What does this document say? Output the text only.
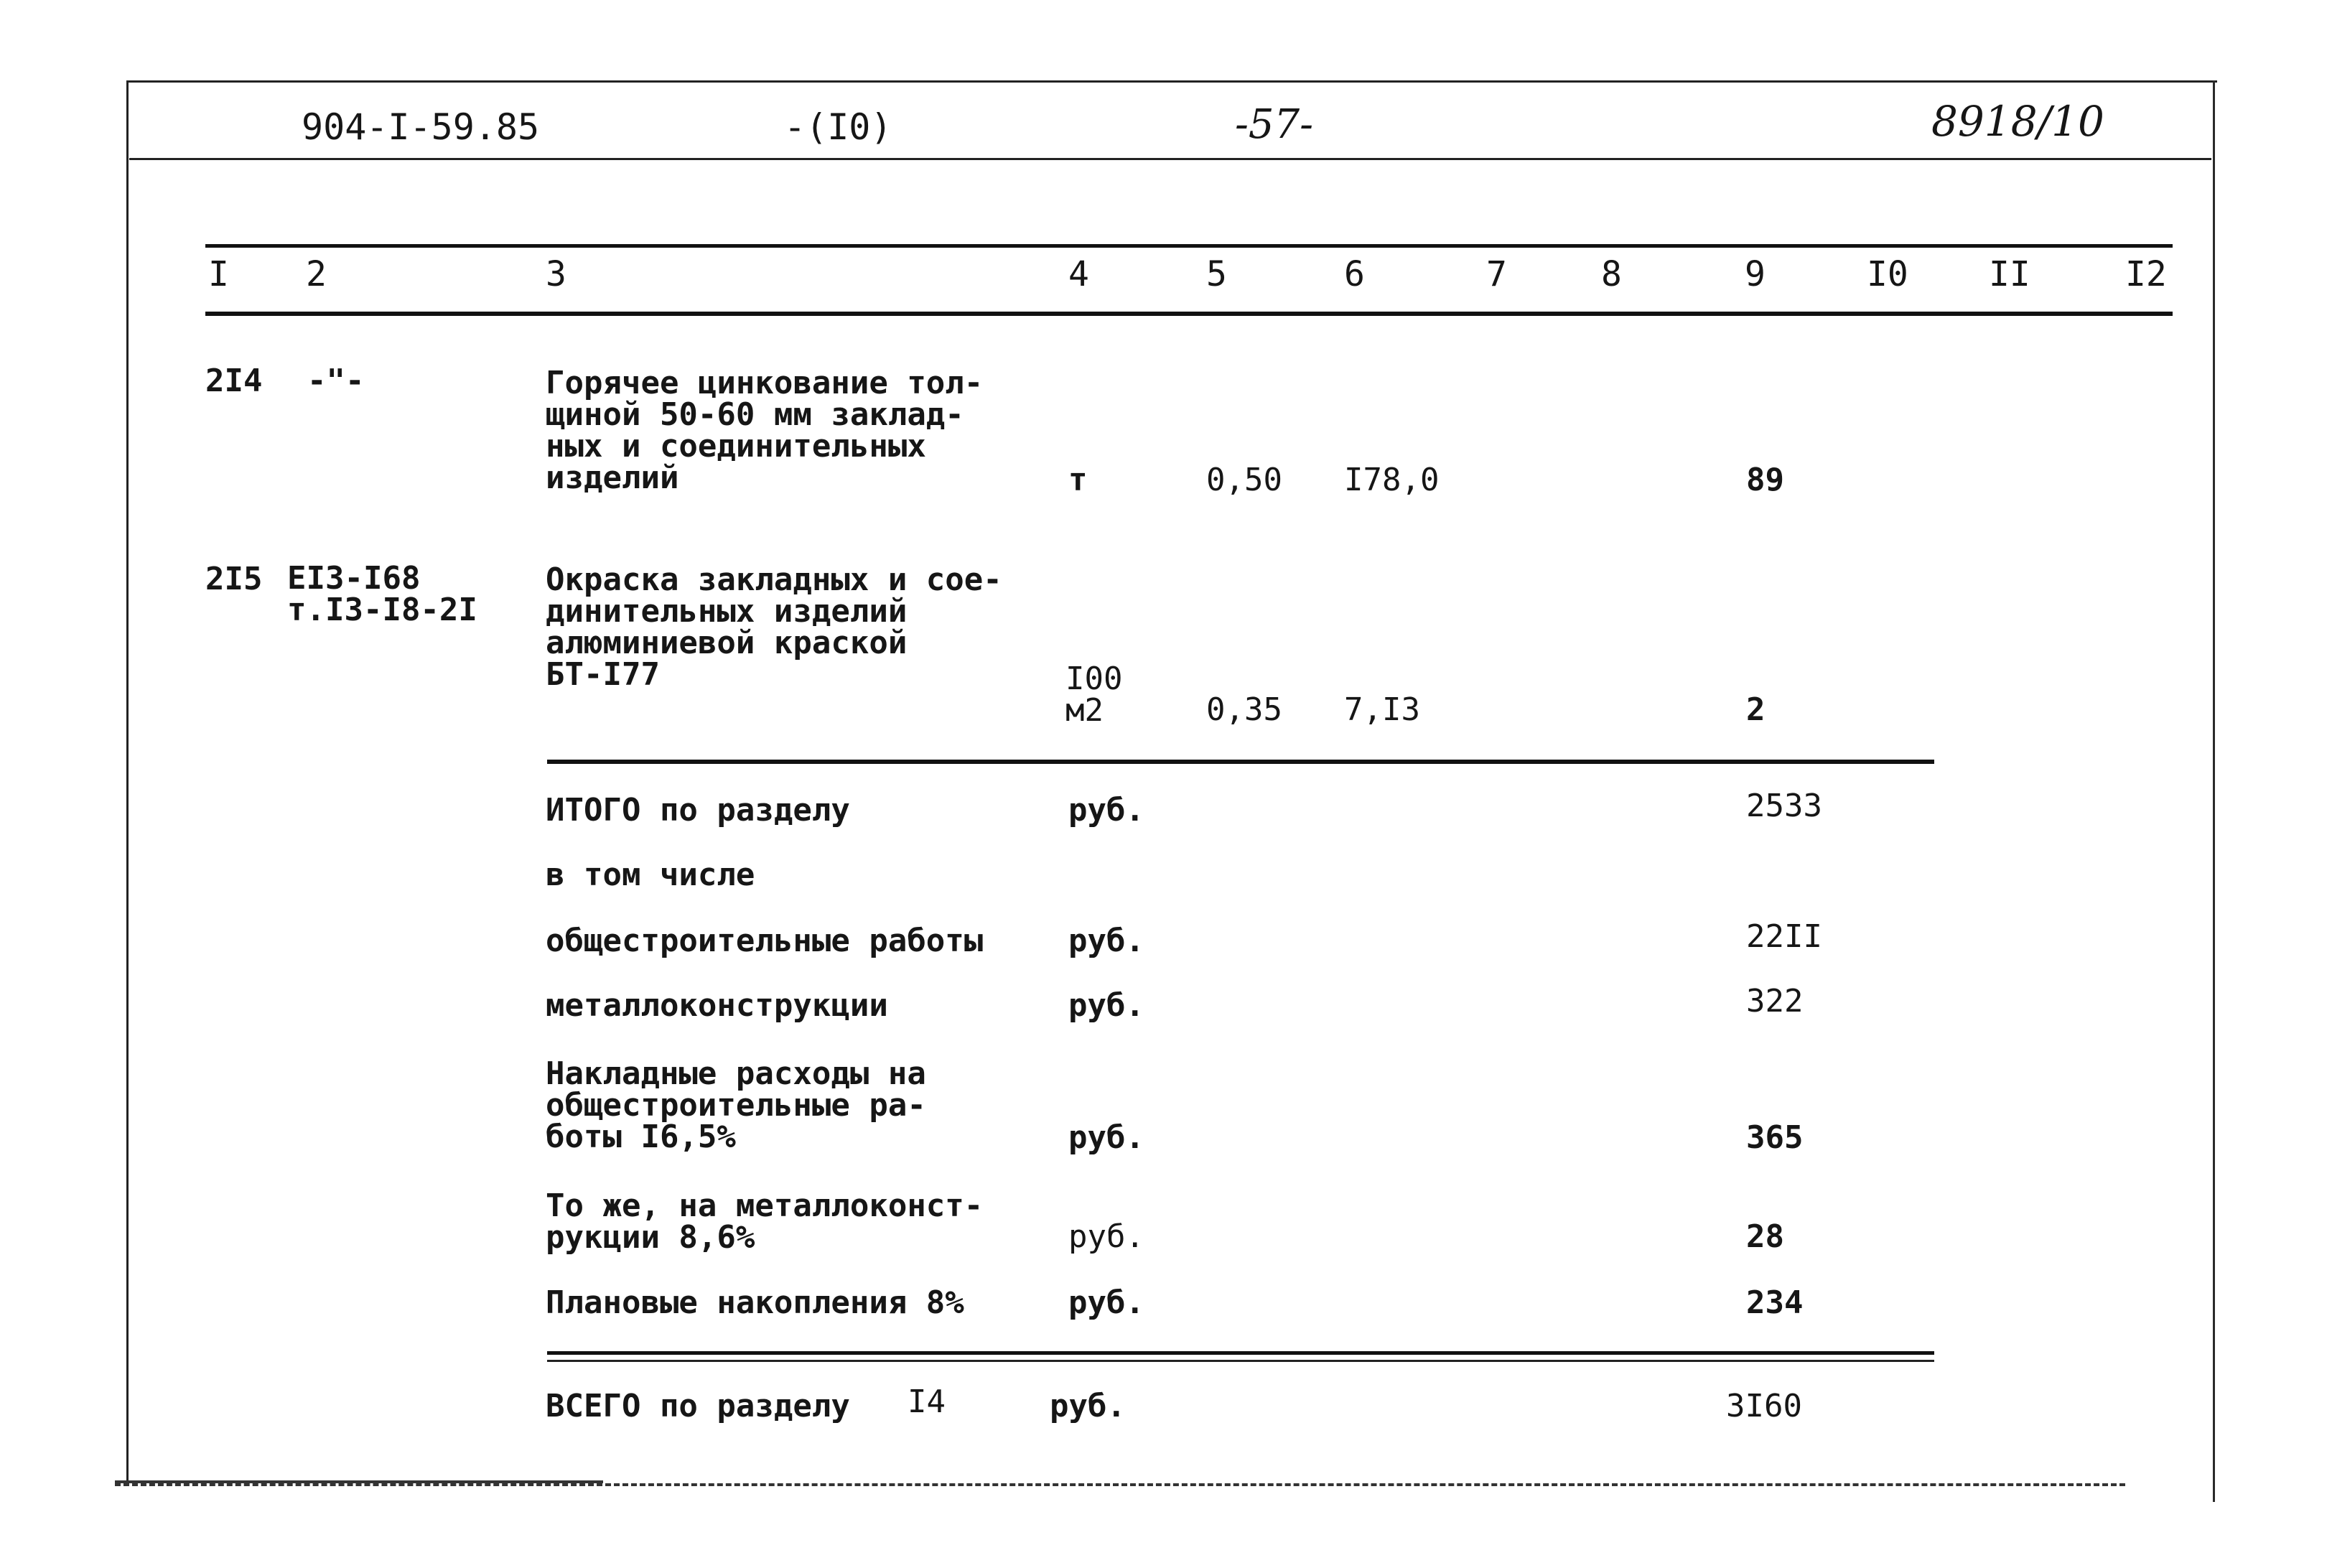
904-I-59.85	-(I0)	-57-	8918/10
I 2	3	4	5	6	7	8	9	I0 II	I2
2I4 -"-	Горячее цинкование тол-
щиной 50-60 мм заклад-
ных и соединительных
изделий	т	0,50 I78,0	89
2I5 EI3-I68
т.I3-I8-2I
Окраска закладных и сое-
динительных изделий
алюминиевой краской
БТ-I77	I00
м2	0,35 7,I3	2
ИТОГО по разделу	руб.	2533
в том числе
общестроительные работы	руб.	22II
металлоконструкции	руб.	322
Накладные расходы на
общестроительные ра-
боты I6,5%	руб.	365
То же, на металлоконст-
рукции 8,6%	руб.	28
Плановые накопления 8%	руб.	234
ВСЕГО по разделу I4	руб.	3I60
